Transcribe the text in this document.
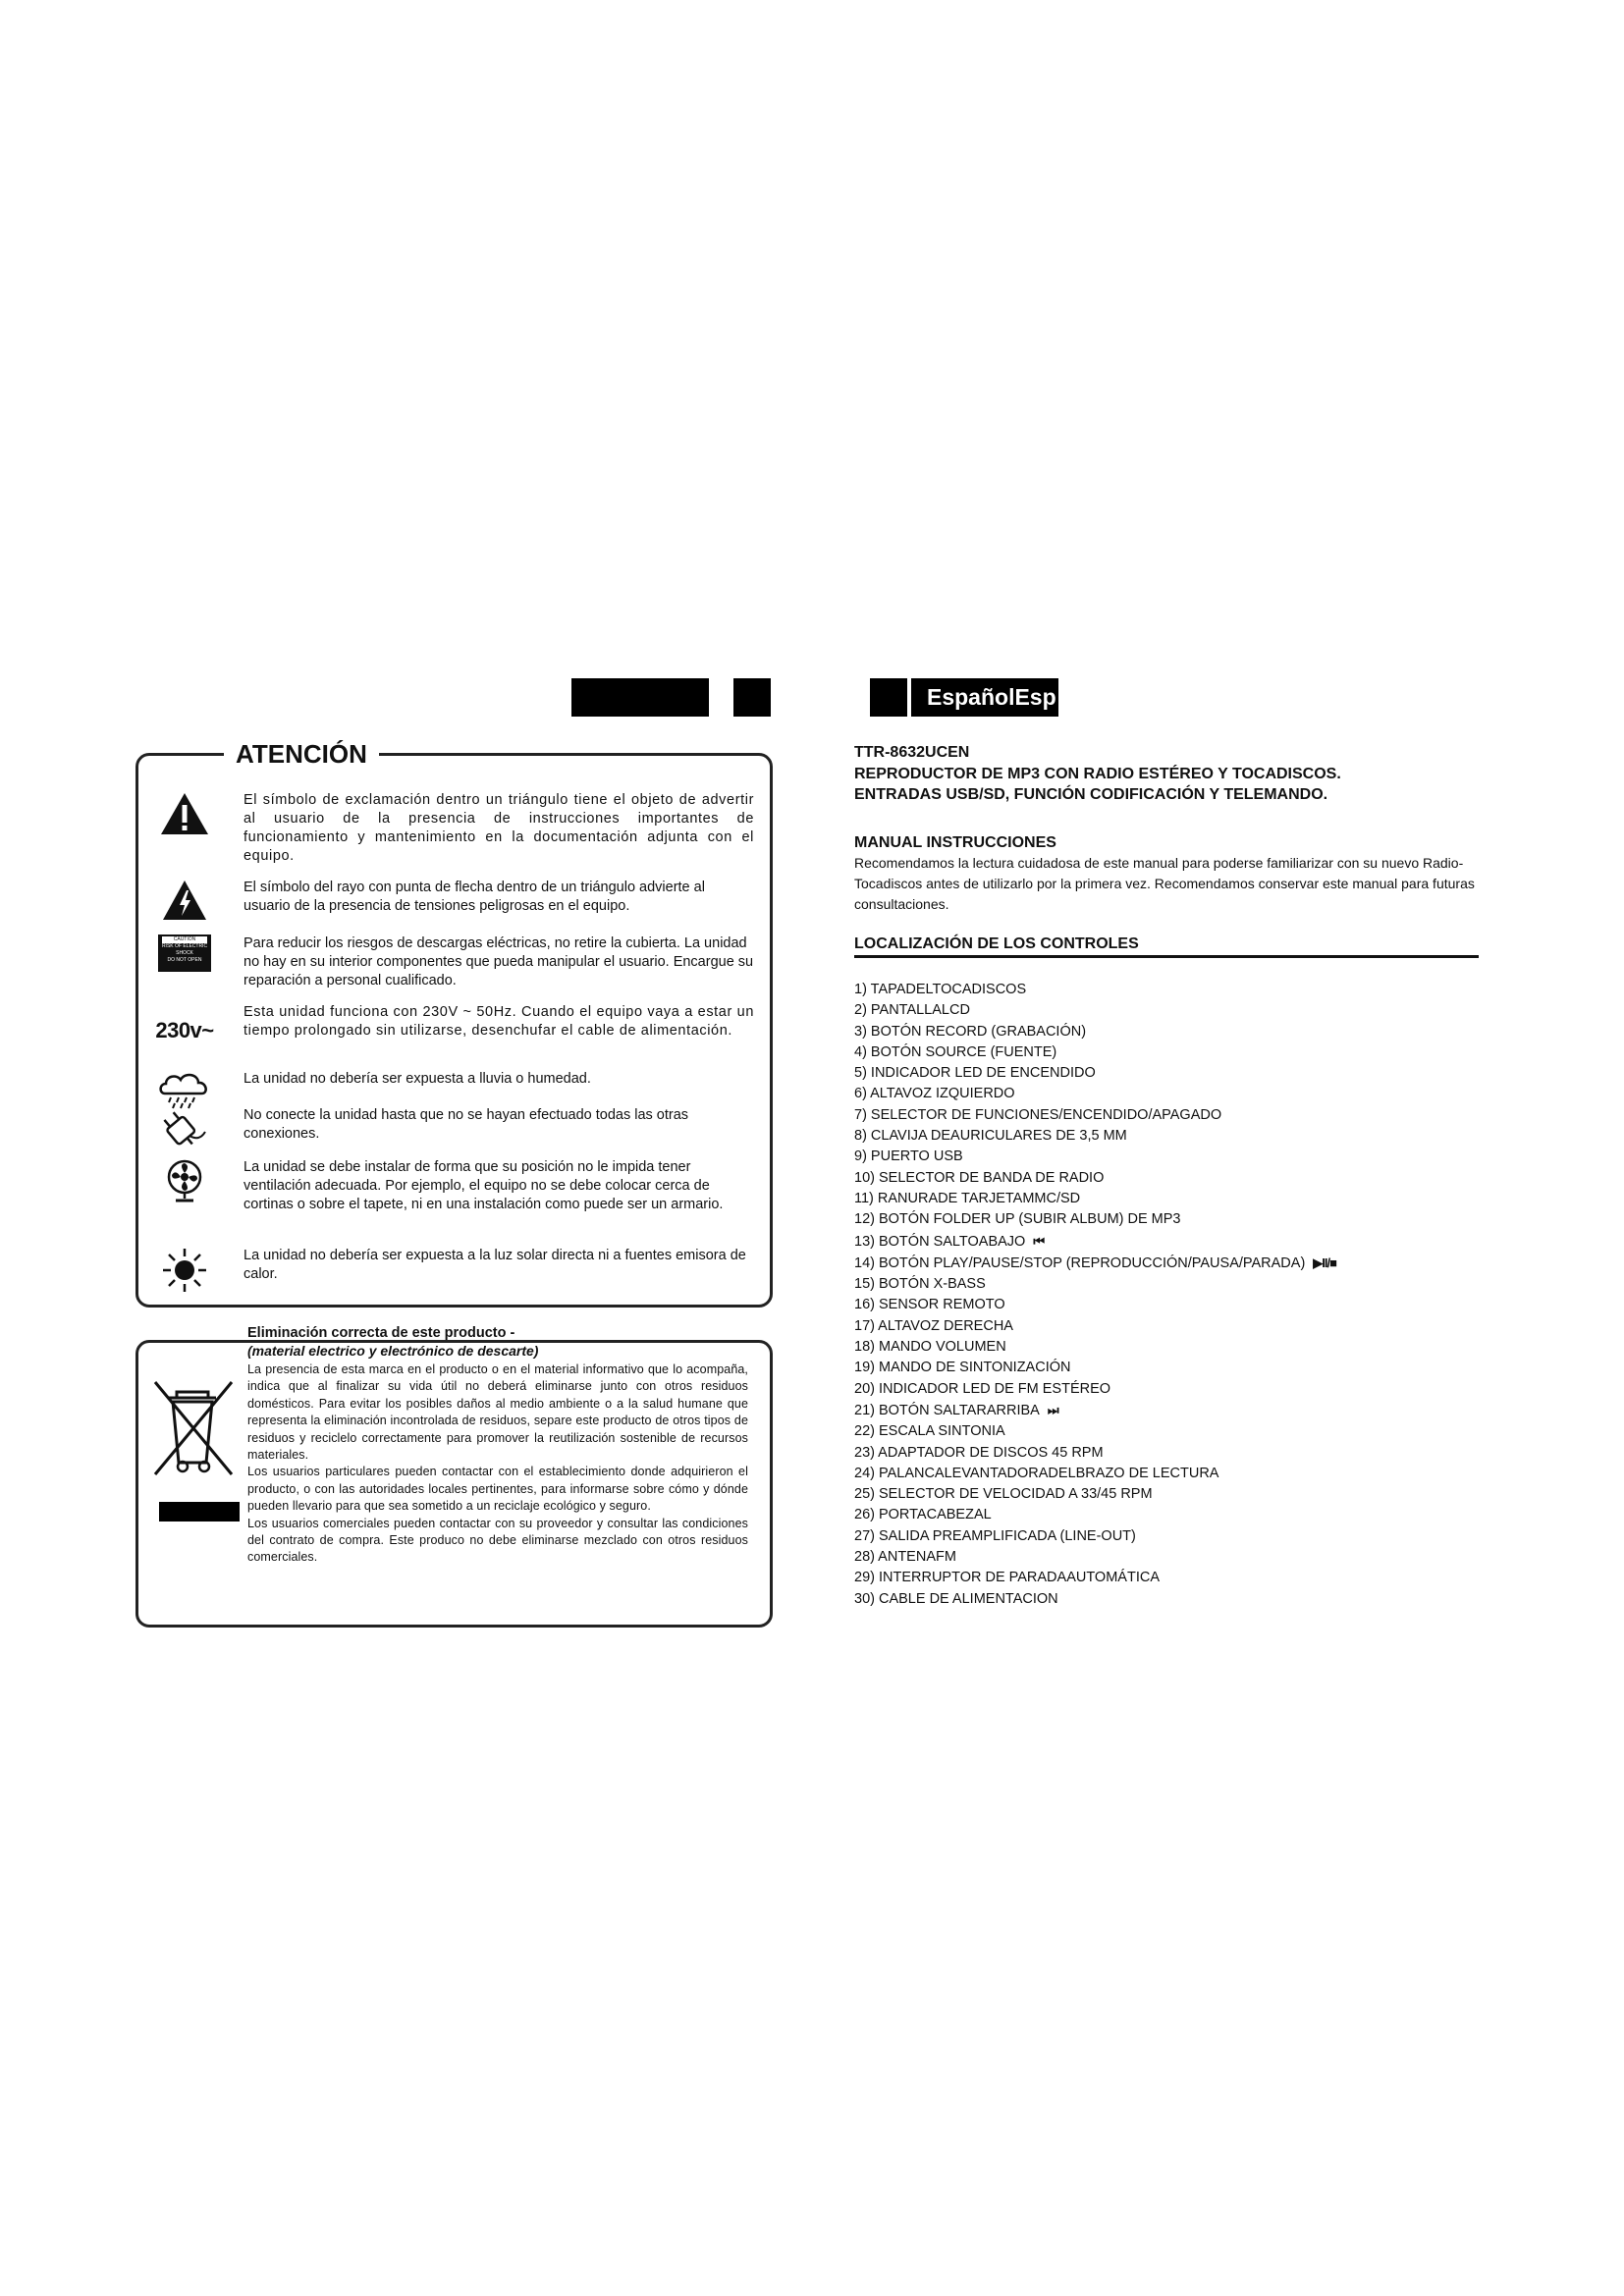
EspañolEsp
ATENCIÓN
El símbolo de exclamación dentro un triángulo tiene el objeto de advertir al usuario de la presencia de instrucciones importantes de funcionamiento y mantenimiento en la documentación adjunta con el equipo.
El símbolo del rayo con punta de flecha dentro de un triángulo advierte al usuario de la presencia de tensiones peligrosas en el equipo.
CAUTION
RISK OF ELECTRIC SHOCK
DO NOT OPEN
Para reducir los riesgos de descargas eléctricas, no retire la cubierta. La unidad no hay en su interior componentes que pueda manipular el usuario. Encargue su reparación a personal cualificado.
230v~
Esta unidad funciona con 230V ~ 50Hz. Cuando el equipo vaya a estar un tiempo prolongado sin utilizarse, desenchufar el cable de alimentación.
La unidad no debería ser expuesta a lluvia o humedad.
No conecte la unidad hasta que no se hayan efectuado todas las otras conexiones.
La unidad se debe instalar de forma que su posición no le impida tener ventilación adecuada. Por ejemplo, el equipo no se debe colocar cerca de cortinas o sobre el tapete, ni en una instalación como puede ser un armario.
La unidad no debería ser expuesta a la luz solar directa ni a fuentes emisora de calor.
Eliminación correcta de este producto -
(material electrico y electrónico de descarte)

La presencia de esta marca en el producto o en el material informativo que lo acompaña, indica que al finalizar su vida útil no deberá eliminarse junto con otros residuos domésticos. Para evitar los posibles daños al medio ambiente o a la salud humane que representa la eliminación incontrolada de residuos, separe este producto de otros tipos de residuos y reciclelo correctamente para promover la reutilización sostenible de recursos materiales.

Los usuarios particulares pueden contactar con el establecimiento donde adquirieron el producto, o con las autoridades locales pertinentes, para informarse sobre cómo y dónde pueden llevario para que sea sometido a un reciclaje ecológico y seguro.

Los usuarios comerciales pueden contactar con su proveedor y consultar las condiciones del contrato de compra. Este produco no debe eliminarse mezclado con otros residuos comerciales.

TTR-8632UCEN
REPRODUCTOR DE MP3 CON RADIO ESTÉREO Y TOCADISCOS.
ENTRADAS USB/SD, FUNCIÓN CODIFICACIÓN Y TELEMANDO.
MANUAL INSTRUCCIONES
Recomendamos la lectura cuidadosa de este manual para poderse familiarizar con su nuevo Radio-Tocadiscos antes de utilizarlo por la primera vez. Recomendamos conservar este manual para futuras consultaciones.
LOCALIZACIÓN DE LOS CONTROLES
1) TAPADELTOCADISCOS
2) PANTALLALCD
3) BOTÓN RECORD (GRABACIÓN)
4) BOTÓN SOURCE (FUENTE)
5) INDICADOR LED DE ENCENDIDO
6) ALTAVOZ IZQUIERDO
7) SELECTOR DE FUNCIONES/ENCENDIDO/APAGADO
8) CLAVIJA DEAURICULARES DE 3,5 MM
9) PUERTO USB
10) SELECTOR DE BANDA DE RADIO
11) RANURADE TARJETAMMC/SD
12) BOTÓN FOLDER UP (SUBIR ALBUM) DE MP3
13) BOTÓN SALTOABAJO ⏮
14) BOTÓN PLAY/PAUSE/STOP (REPRODUCCIÓN/PAUSA/PARADA) ▶II/■
15) BOTÓN X-BASS
16) SENSOR REMOTO
17) ALTAVOZ DERECHA
18) MANDO VOLUMEN
19) MANDO DE SINTONIZACIÓN
20) INDICADOR LED DE FM ESTÉREO
21) BOTÓN SALTARARRIBA ⏭
22) ESCALA SINTONIA
23) ADAPTADOR DE DISCOS 45 RPM
24) PALANCALEVANTADORADELBRAZO DE LECTURA
25) SELECTOR DE VELOCIDAD A 33/45 RPM
26) PORTACABEZAL
27) SALIDA PREAMPLIFICADA (LINE-OUT)
28) ANTENAFM
29) INTERRUPTOR DE PARADAAUTOMÁTICA
30) CABLE DE ALIMENTACION
